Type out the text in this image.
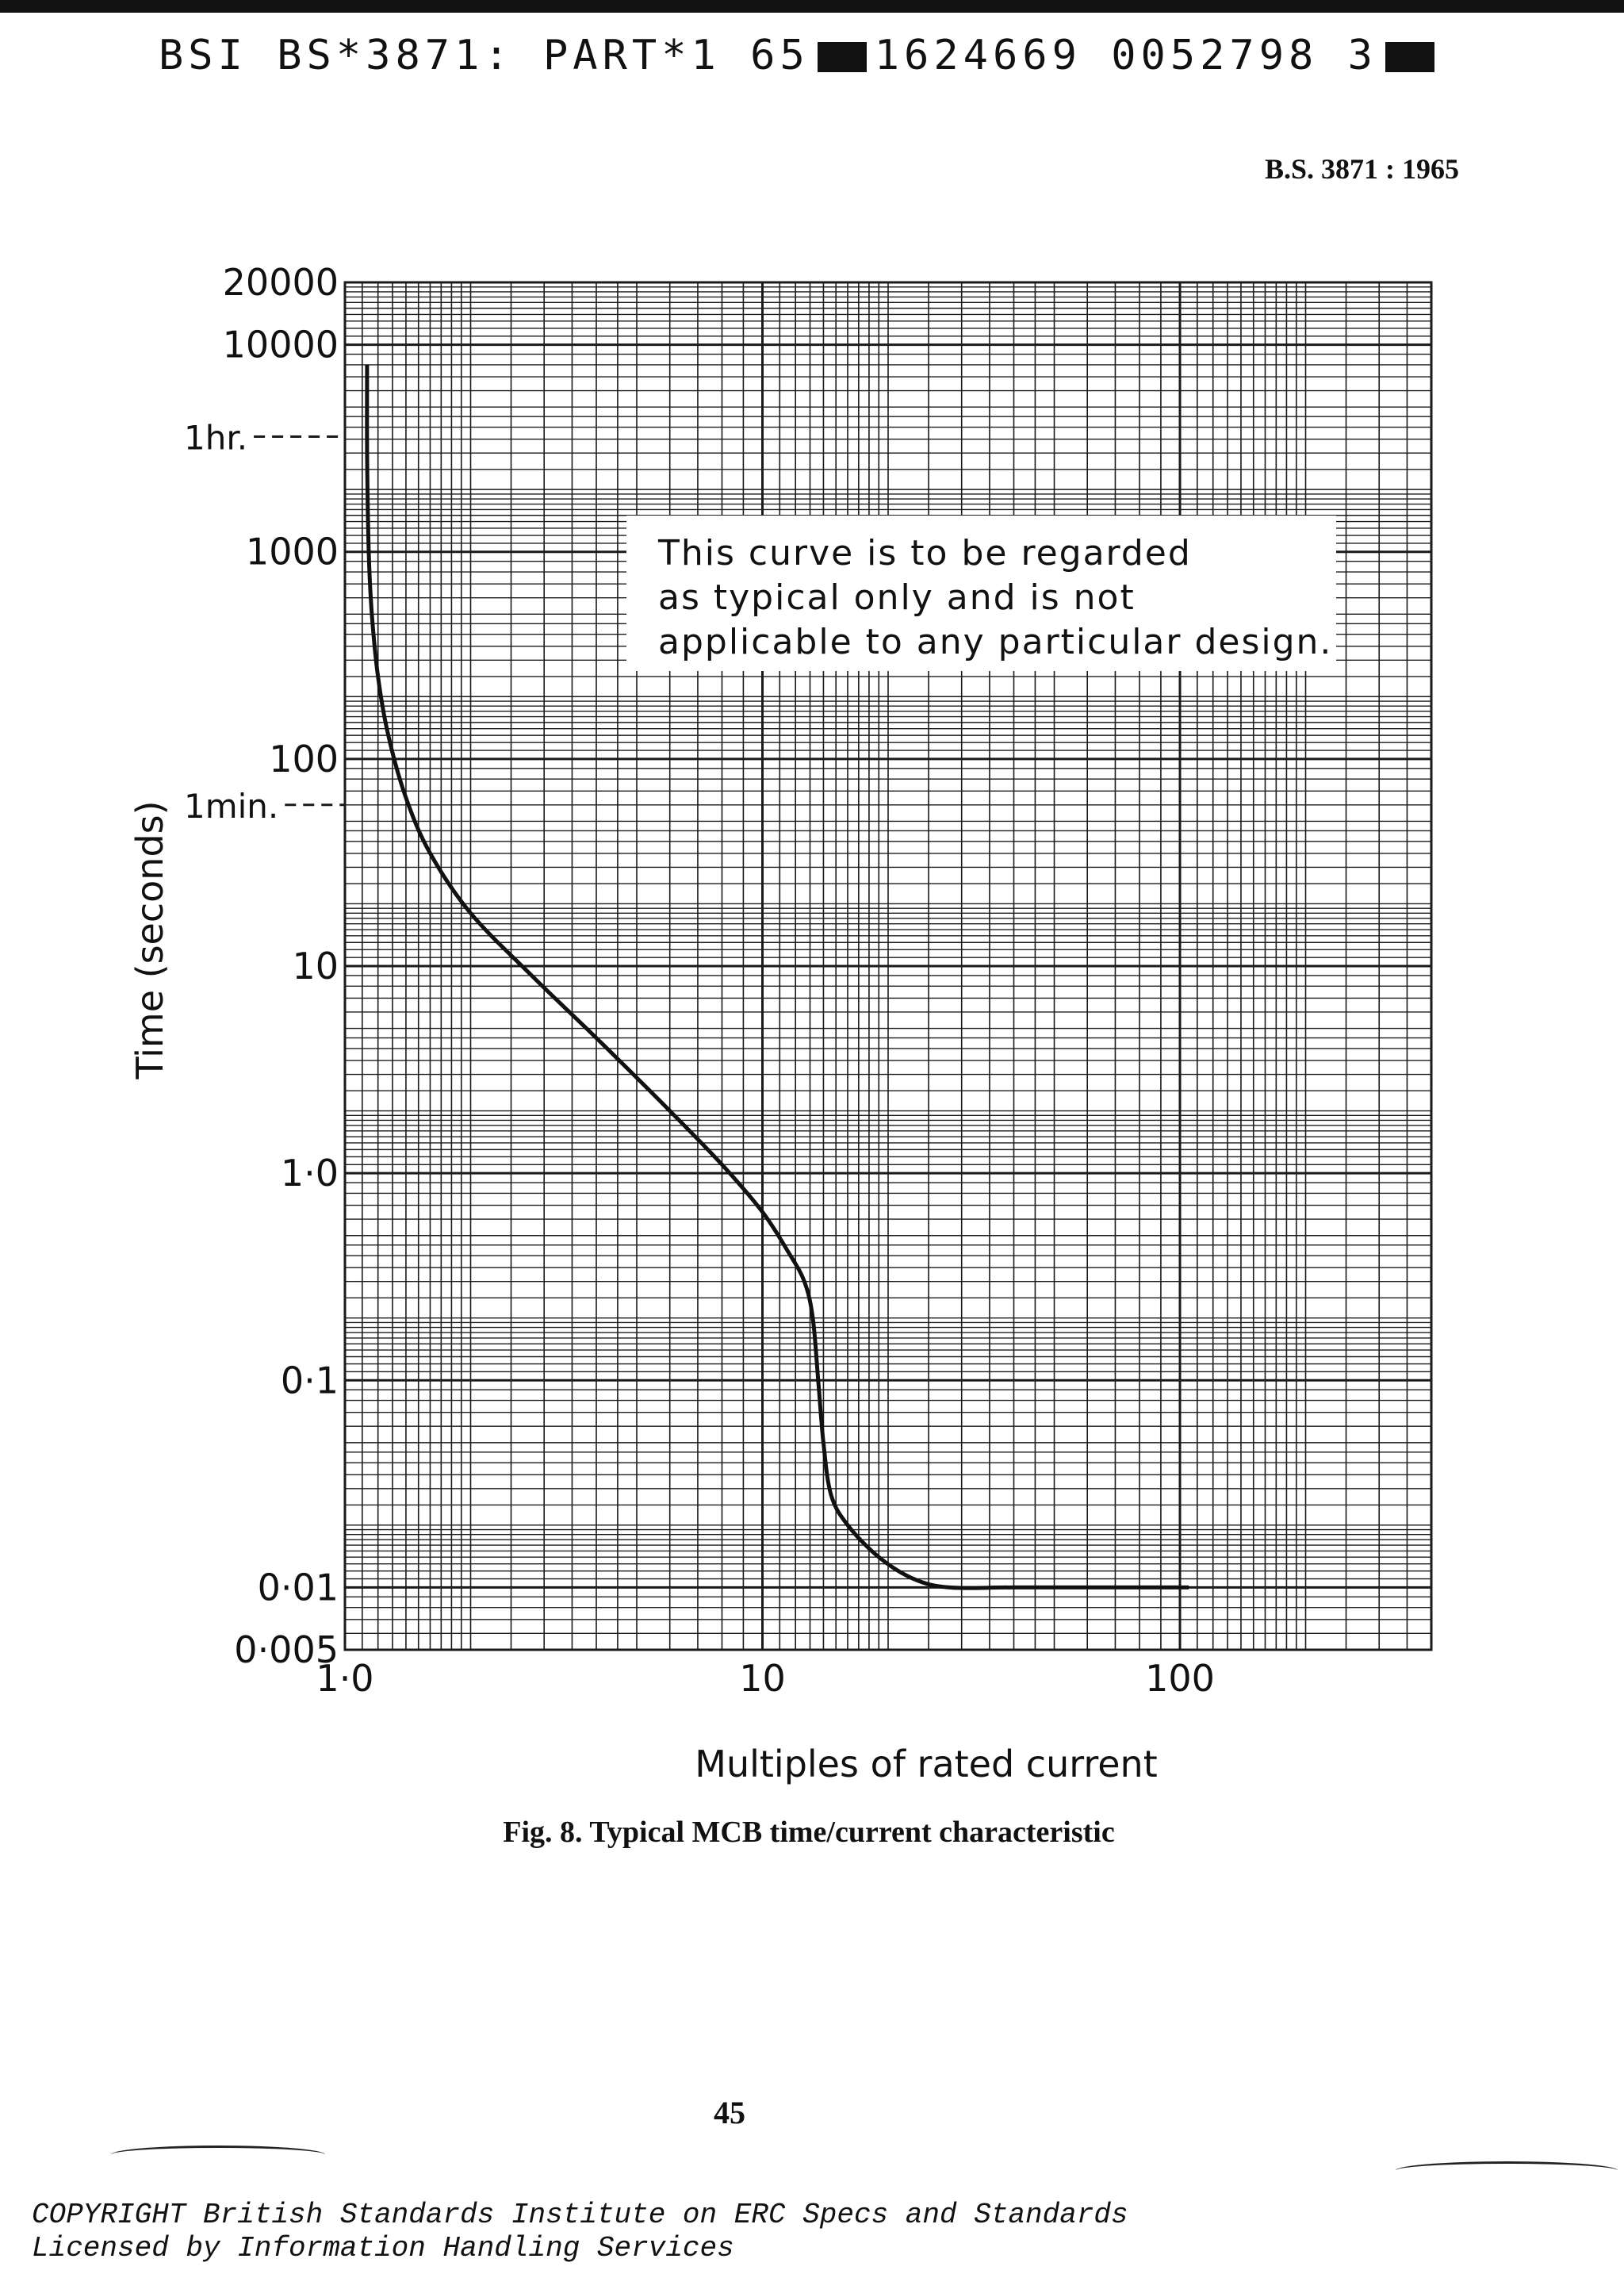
BSI BS*3871: PART*1 65 1624669 0052798 3
B.S. 3871 : 1965
This curve is to be regarded
as typical only and is not
applicable to any particular design.
20000
10000
1000
100
10
1·0
0·1
0·01
0·005
1·0	10	100
1hr.
1min.
Multiples of rated current
Time (seconds)
Fig. 8. Typical MCB time/current characteristic
45
COPYRIGHT British Standards Institute on ERC Specs and Standards
Licensed by Information Handling Services
